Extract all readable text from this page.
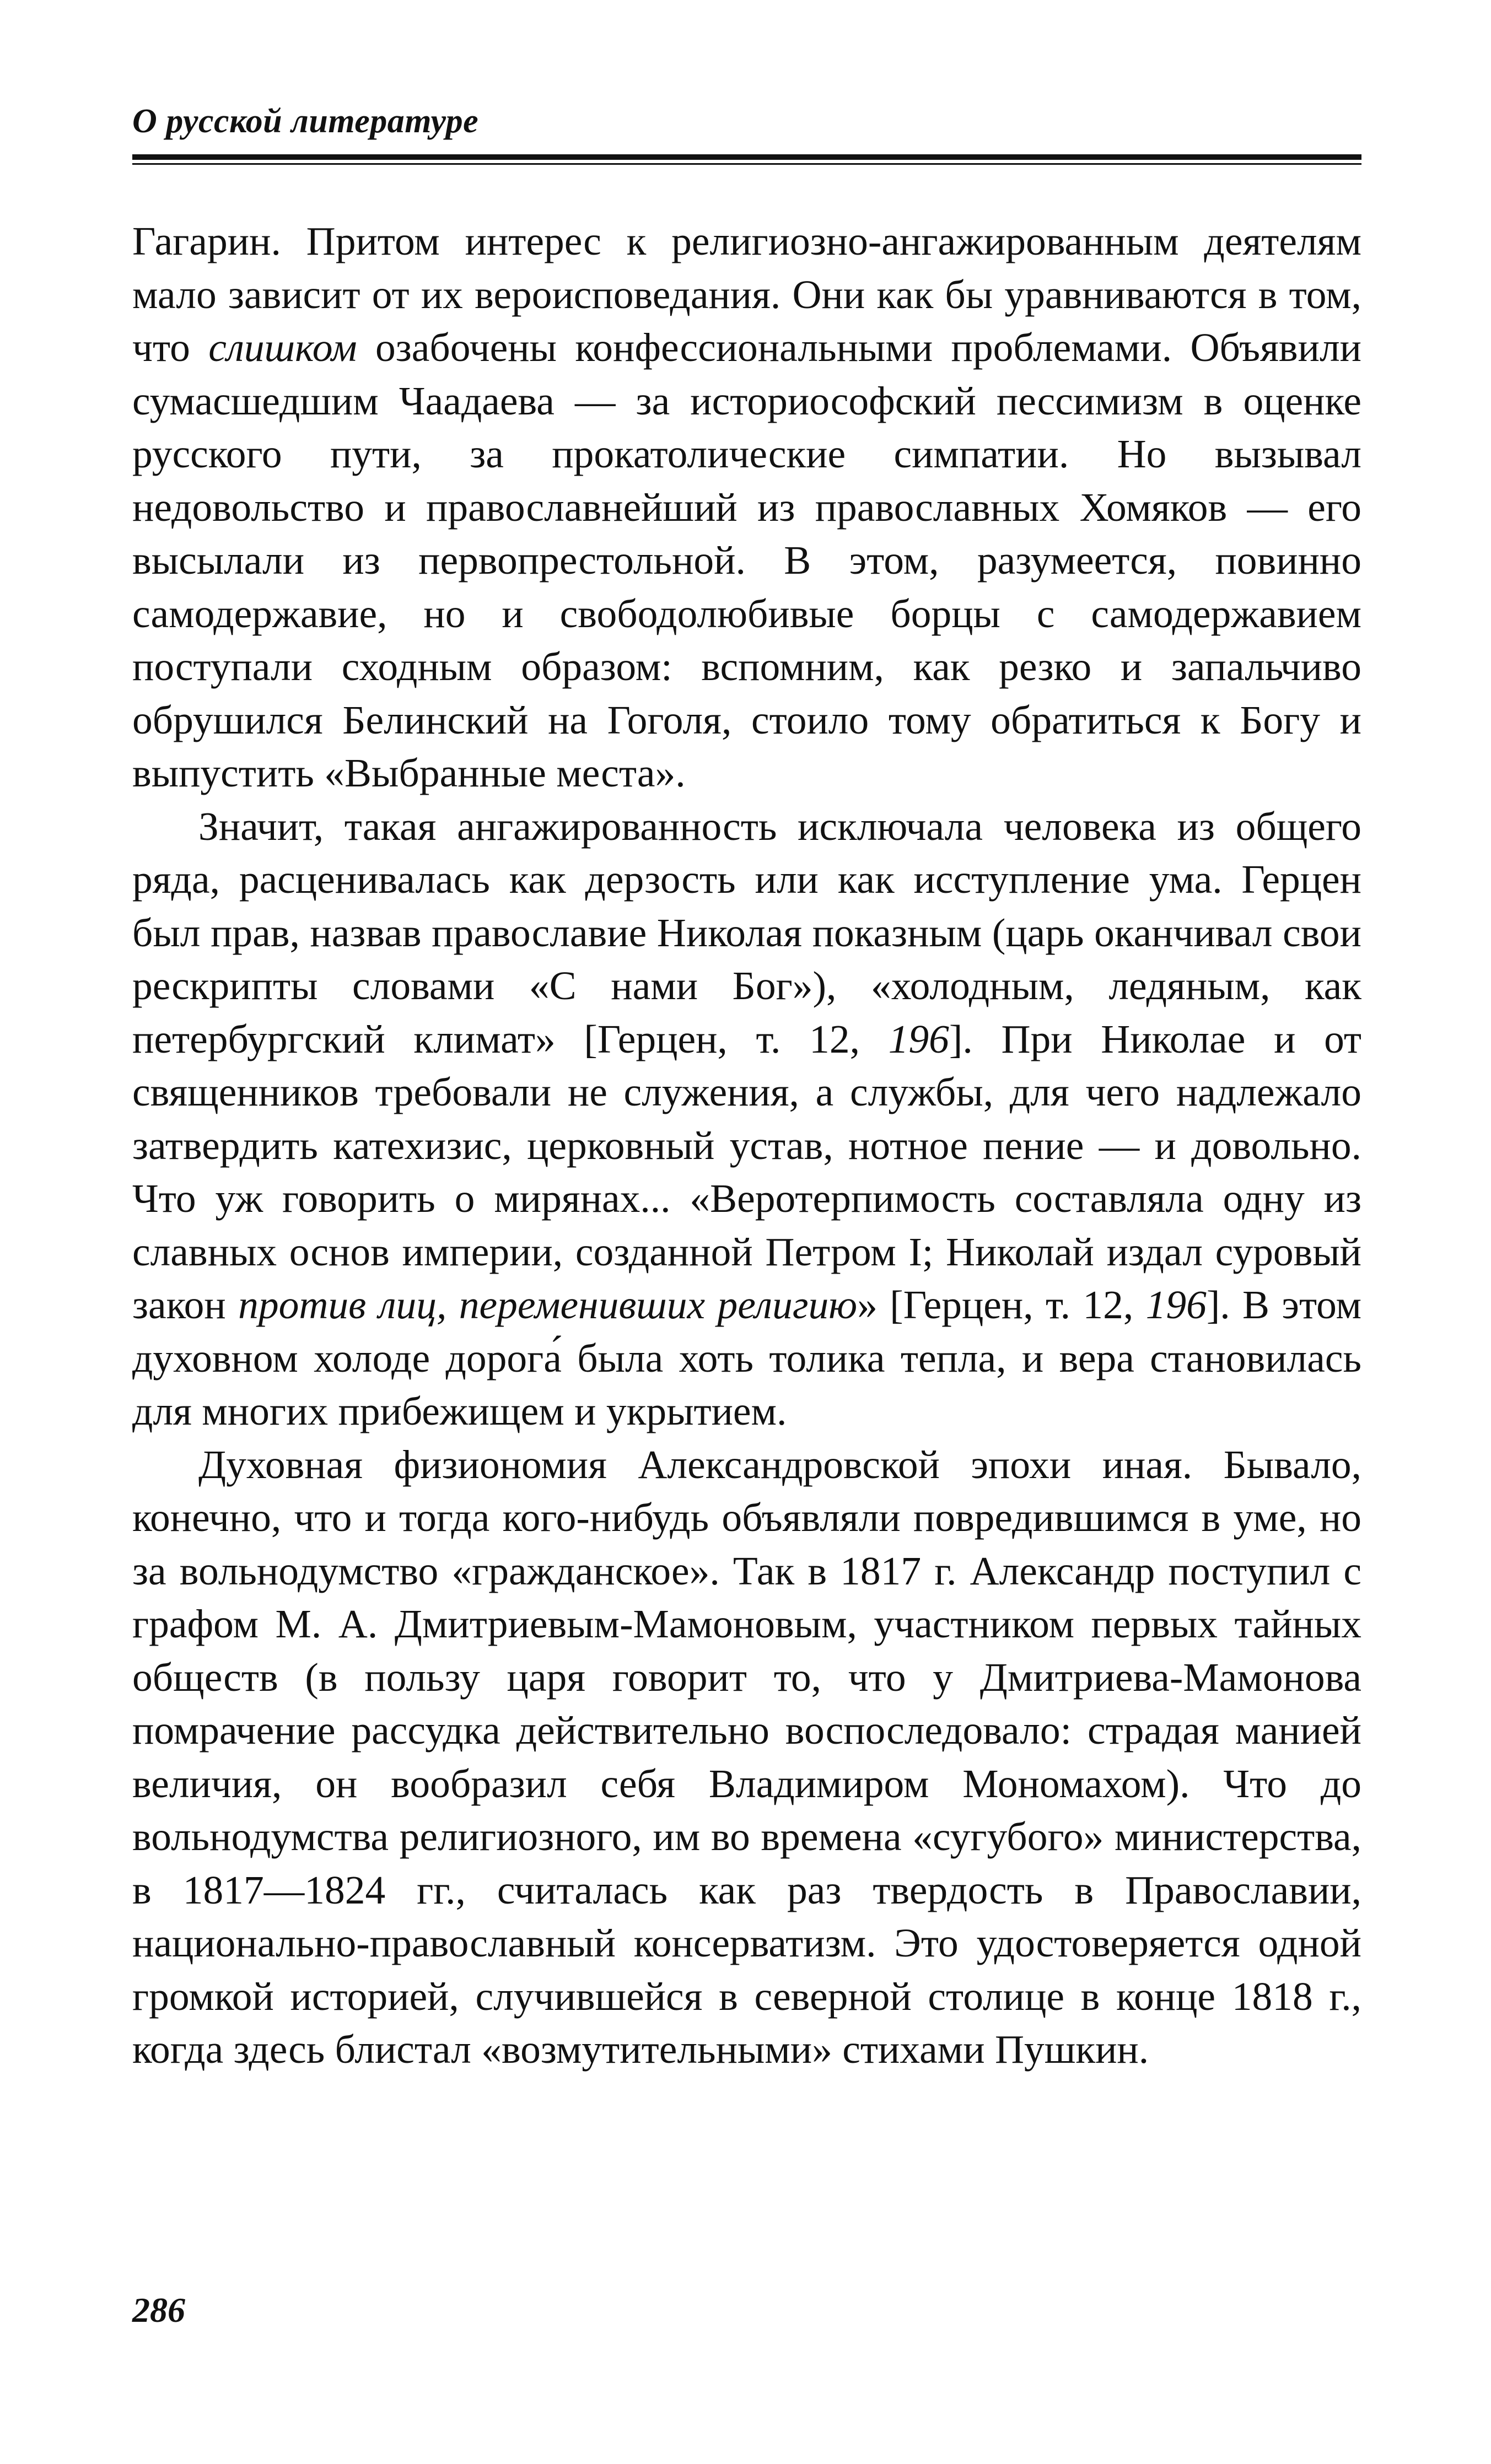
О русской литературе

Гагарин. Притом интерес к религиозно-ангажированным деятелям мало зависит от их вероисповедания. Они как бы уравниваются в том, что слишком озабочены конфессиональными проблемами. Объявили сумасшедшим Чаадаева — за историософский пессимизм в оценке русского пути, за прокатолические симпатии. Но вызывал недовольство и православнейший из православных Хомяков — его высылали из первопрестольной. В этом, разумеется, повинно самодержавие, но и свободолюбивые борцы с самодержавием поступали сходным образом: вспомним, как резко и запальчиво обрушился Белинский на Гоголя, стоило тому обратиться к Богу и выпустить «Выбранные места».

Значит, такая ангажированность исключала человека из общего ряда, расценивалась как дерзость или как исступление ума. Герцен был прав, назвав православие Николая показным (царь оканчивал свои рескрипты словами «С нами Бог»), «холодным, ледяным, как петербургский климат» [Герцен, т. 12, 196]. При Николае и от священников требовали не служения, а службы, для чего надлежало затвердить катехизис, церковный устав, нотное пение — и довольно. Что уж говорить о мирянах... «Веротерпимость составляла одну из славных основ империи, созданной Петром I; Николай издал суровый закон против лиц, переменивших религию» [Герцен, т. 12, 196]. В этом духовном холоде дорога́ была хоть толика тепла, и вера становилась для многих прибежищем и укрытием.

Духовная физиономия Александровской эпохи иная. Бывало, конечно, что и тогда кого-нибудь объявляли повредившимся в уме, но за вольнодумство «гражданское». Так в 1817 г. Александр поступил с графом М. А. Дмитриевым-Мамоновым, участником первых тайных обществ (в пользу царя говорит то, что у Дмитриева-Мамонова помрачение рассудка действительно воспоследовало: страдая манией величия, он вообразил себя Владимиром Мономахом). Что до вольнодумства религиозного, им во времена «сугубого» министерства, в 1817—1824 гг., считалась как раз твердость в Православии, национально-православный консерватизм. Это удостоверяется одной громкой историей, случившейся в северной столице в конце 1818 г., когда здесь блистал «возмутительными» стихами Пушкин.

286
